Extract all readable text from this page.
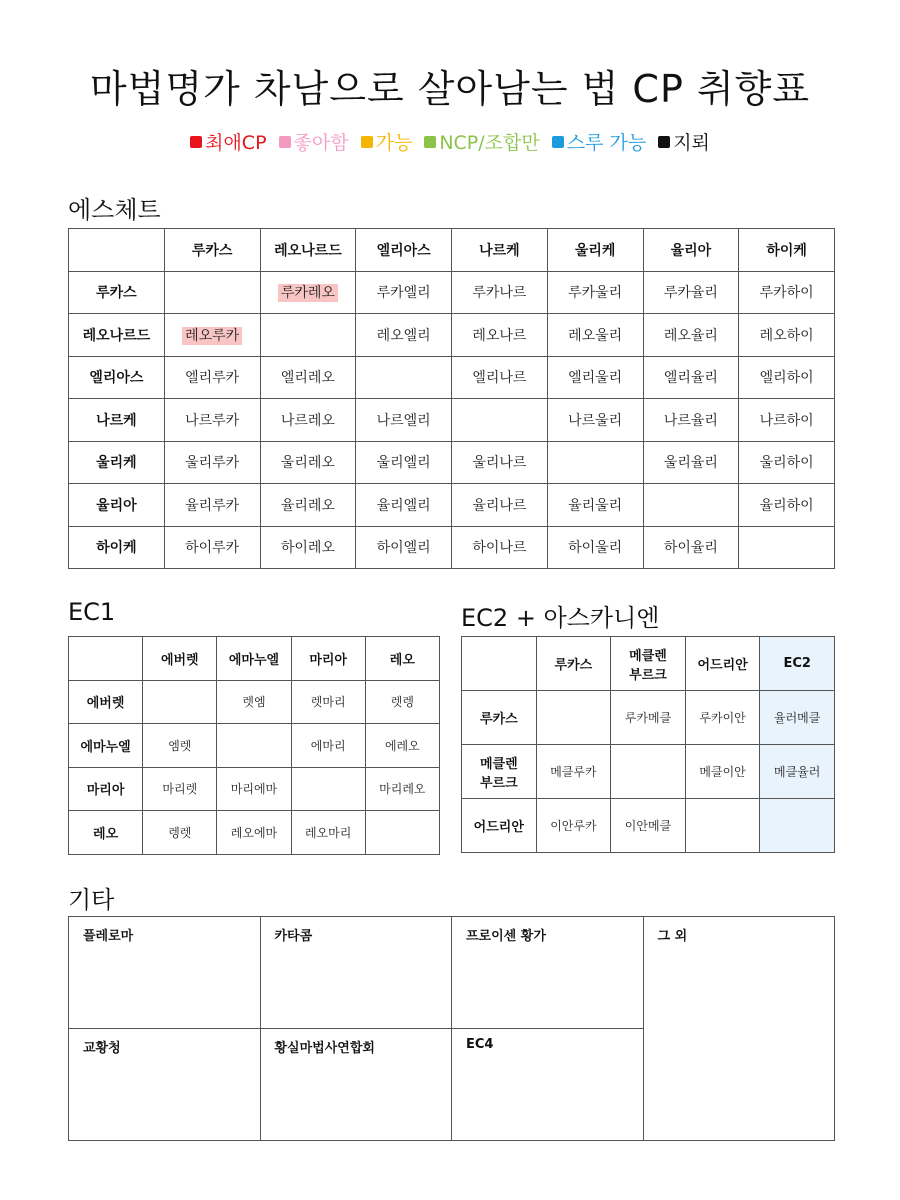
마법명가 차남으로 살아남는 법 CP 취향표
최애CP 좋아함 가능 NCP/조합만 스루 가능 지뢰
에스체트
	루카스	레오나르드	엘리아스	나르케	울리케	율리아	하이케
루카스		루카레오	루카엘리	루카나르	루카울리	루카율리	루카하이
레오나르드	레오루카		레오엘리	레오나르	레오울리	레오율리	레오하이
엘리아스	엘리루카	엘리레오		엘리나르	엘리울리	엘리율리	엘리하이
나르케	나르루카	나르레오	나르엘리		나르울리	나르율리	나르하이
울리케	울리루카	울리레오	울리엘리	울리나르		울리율리	울리하이
율리아	율리루카	율리레오	율리엘리	율리나르	율리울리		율리하이
하이케	하이루카	하이레오	하이엘리	하이나르	하이울리	하이율리	
EC1
	에버렛	에마누엘	마리아	레오
에버렛		렛엠	렛마리	렛렝
에마누엘	엠렛		에마리	에레오
마리아	마리렛	마리에마		마리레오
레오	렝렛	레오에마	레오마리	
EC2 + 아스카니엔
	루카스	메클렌
부르크	어드리안	EC2
루카스		루카메클	루카이안	율러메클
메클렌
부르크	메클루카		메클이안	메클율러
어드리안	이안루카	이안메클		
기타
플레로마	카타콤	프로이센 황가	그 외
교황청	황실마법사연합회	EC4	
